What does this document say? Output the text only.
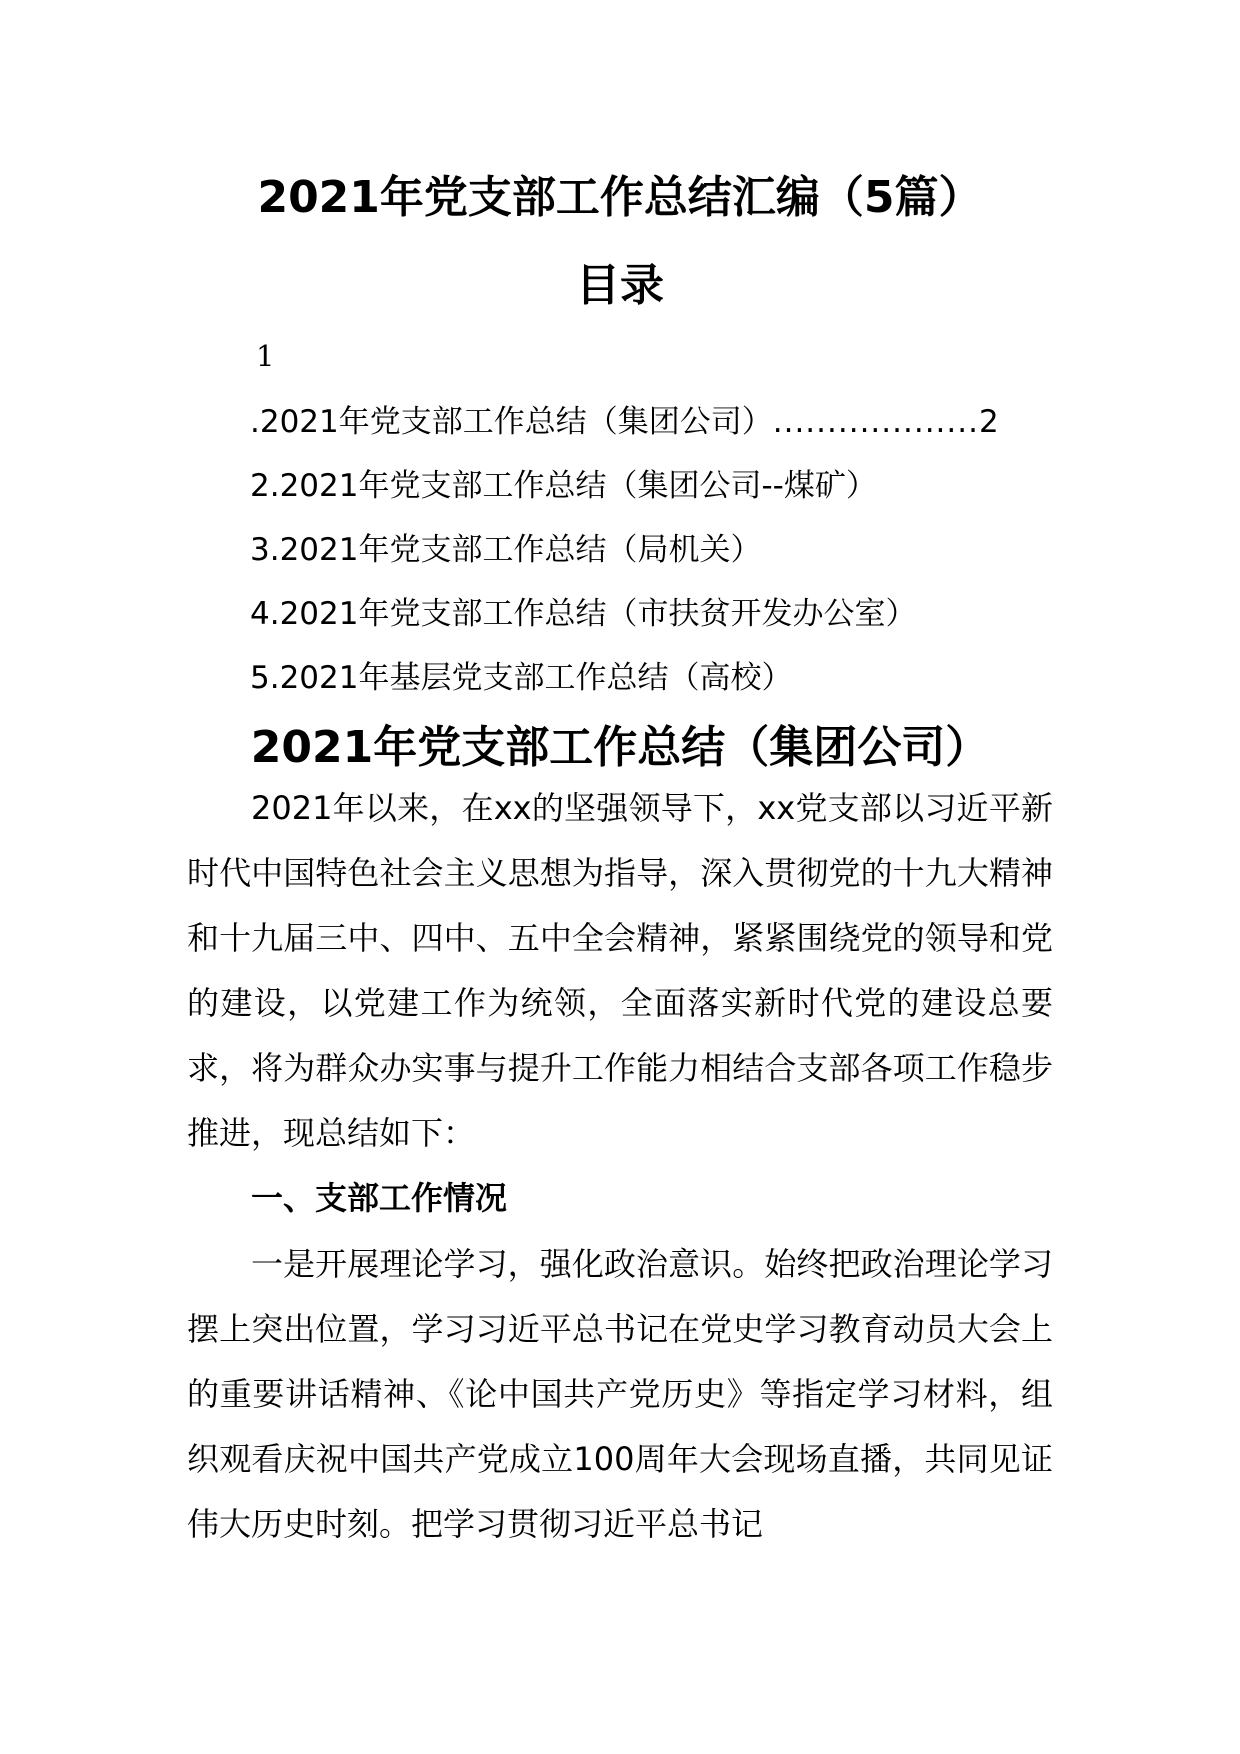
2021年党支部工作总结汇编（5篇）
目录
1
.2021年党支部工作总结（集团公司）...................2
2.2021年党支部工作总结（集团公司--煤矿）
3.2021年党支部工作总结（局机关）
4.2021年党支部工作总结（市扶贫开发办公室）
5.2021年基层党支部工作总结（高校）
2021年党支部工作总结（集团公司）
2021年以来，在xx的坚强领导下，xx党支部以习近平新时代中国特色社会主义思想为指导，深入贯彻党的十九大精神和十九届三中、四中、五中全会精神，紧紧围绕党的领导和党的建设，以党建工作为统领，全面落实新时代党的建设总要求，将为群众办实事与提升工作能力相结合支部各项工作稳步推进，现总结如下：
一、支部工作情况
一是开展理论学习，强化政治意识。始终把政治理论学习摆上突出位置，学习习近平总书记在党史学习教育动员大会上的重要讲话精神、《论中国共产党历史》等指定学习材料，组织观看庆祝中国共产党成立100周年大会现场直播，共同见证伟大历史时刻。把学习贯彻习近平总书记
